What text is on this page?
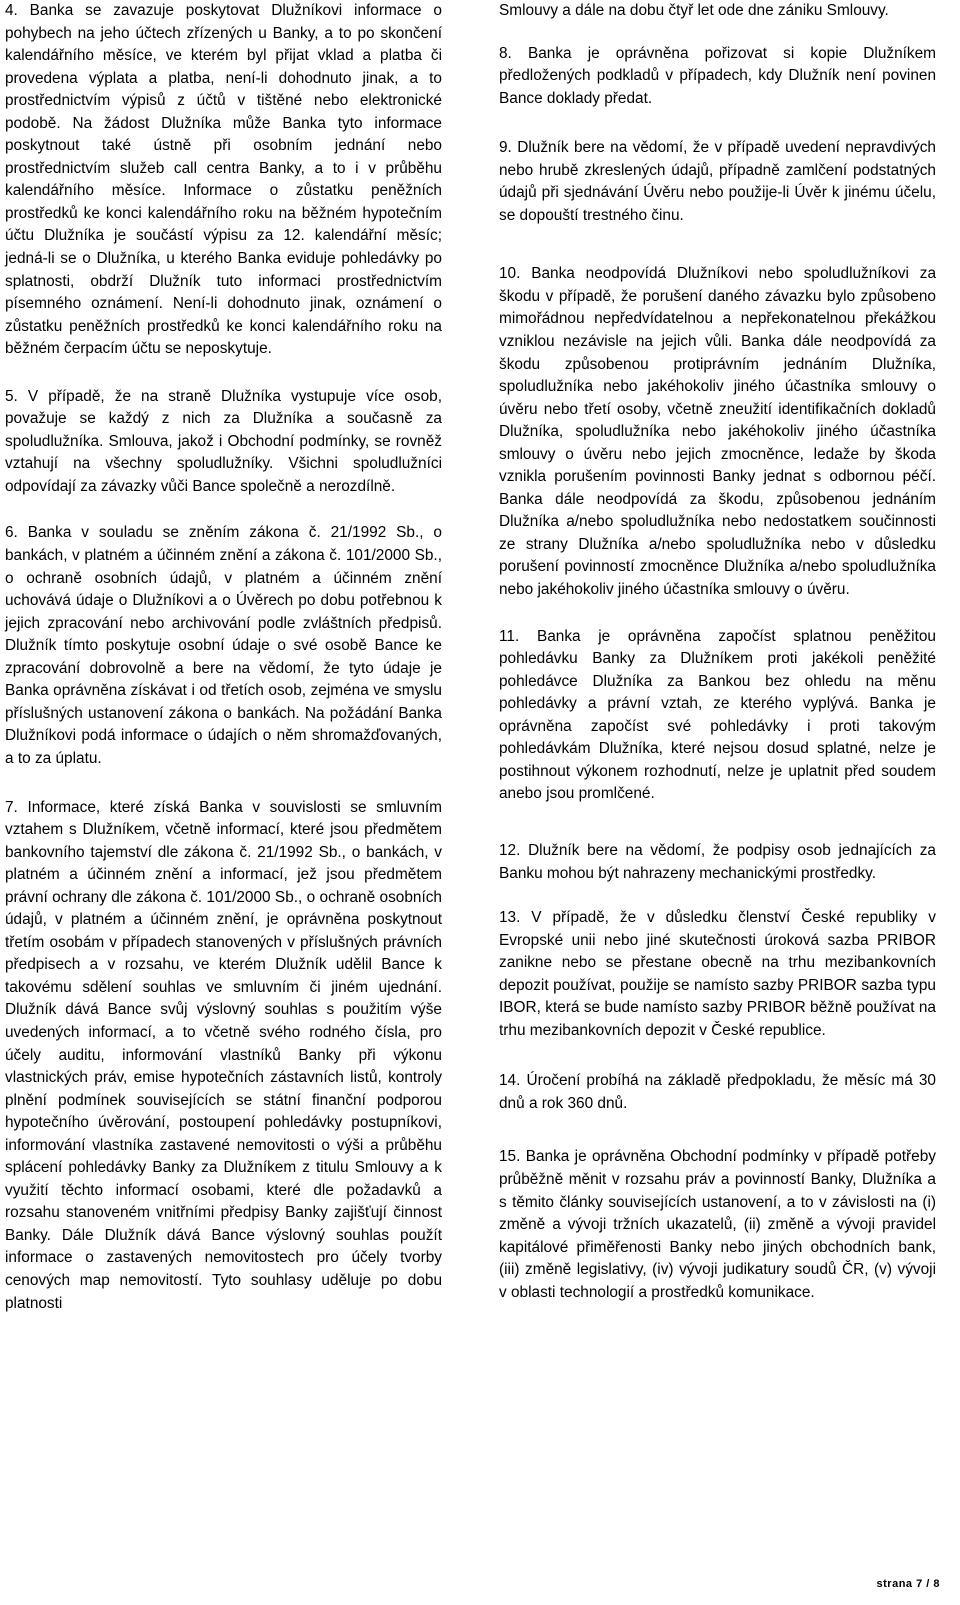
4. Banka se zavazuje poskytovat Dlužníkovi informace o pohybech na jeho účtech zřízených u Banky, a to po skončení kalendářního měsíce, ve kterém byl přijat vklad a platba či provedena výplata a platba, není-li dohodnuto jinak, a to prostřednictvím výpisů z účtů v tištěné nebo elektronické podobě. Na žádost Dlužníka může Banka tyto informace poskytnout také ústně při osobním jednání nebo prostřednictvím služeb call centra Banky, a to i v průběhu kalendářního měsíce. Informace o zůstatku peněžních prostředků ke konci kalendářního roku na běžném hypotečním účtu Dlužníka je součástí výpisu za 12. kalendářní měsíc; jedná-li se o Dlužníka, u kterého Banka eviduje pohledávky po splatnosti, obdrží Dlužník tuto informaci prostřednictvím písemného oznámení. Není-li dohodnuto jinak, oznámení o zůstatku peněžních prostředků ke konci kalendářního roku na běžném čerpacím účtu se neposkytuje.

5. V případě, že na straně Dlužníka vystupuje více osob, považuje se každý z nich za Dlužníka a současně za spoludlužníka. Smlouva, jakož i Obchodní podmínky, se rovněž vztahují na všechny spoludlužníky. Všichni spoludlužníci odpovídají za závazky vůči Bance společně a nerozdílně.

6. Banka v souladu se zněním zákona č. 21/1992 Sb., o bankách, v platném a účinném znění a zákona č. 101/2000 Sb., o ochraně osobních údajů, v platném a účinném znění uchovává údaje o Dlužníkovi a o Úvěrech po dobu potřebnou k jejich zpracování nebo archivování podle zvláštních předpisů. Dlužník tímto poskytuje osobní údaje o své osobě Bance ke zpracování dobrovolně a bere na vědomí, že tyto údaje je Banka oprávněna získávat i od třetích osob, zejména ve smyslu příslušných ustanovení zákona o bankách. Na požádání Banka Dlužníkovi podá informace o údajích o něm shromažďovaných, a to za úplatu.

7. Informace, které získá Banka v souvislosti se smluvním vztahem s Dlužníkem, včetně informací, které jsou předmětem bankovního tajemství dle zákona č. 21/1992 Sb., o bankách, v platném a účinném znění a informací, jež jsou předmětem právní ochrany dle zákona č. 101/2000 Sb., o ochraně osobních údajů, v platném a účinném znění, je oprávněna poskytnout třetím osobám v případech stanovených v příslušných právních předpisech a v rozsahu, ve kterém Dlužník udělil Bance k takovému sdělení souhlas ve smluvním či jiném ujednání. Dlužník dává Bance svůj výslovný souhlas s použitím výše uvedených informací, a to včetně svého rodného čísla, pro účely auditu, informování vlastníků Banky při výkonu vlastnických práv, emise hypotečních zástavních listů, kontroly plnění podmínek souvisejících se státní finanční podporou hypotečního úvěrování, postoupení pohledávky postupníkovi, informování vlastníka zastavené nemovitosti o výši a průběhu splácení pohledávky Banky za Dlužníkem z titulu Smlouvy a k využití těchto informací osobami, které dle požadavků a rozsahu stanoveném vnitřními předpisy Banky zajišťují činnost Banky. Dále Dlužník dává Bance výslovný souhlas použít informace o zastavených nemovitostech pro účely tvorby cenových map nemovitostí. Tyto souhlasy uděluje po dobu platnosti

Smlouvy a dále na dobu čtyř let ode dne zániku Smlouvy.

8. Banka je oprávněna pořizovat si kopie Dlužníkem předložených podkladů v případech, kdy Dlužník není povinen Bance doklady předat.

9. Dlužník bere na vědomí, že v případě uvedení nepravdivých nebo hrubě zkreslených údajů, případně zamlčení podstatných údajů při sjednávání Úvěru nebo použije-li Úvěr k jinému účelu, se dopouští trestného činu.

10. Banka neodpovídá Dlužníkovi nebo spoludlužníkovi za škodu v případě, že porušení daného závazku bylo způsobeno mimořádnou nepředvídatelnou a nepřekonatelnou překážkou vzniklou nezávisle na jejich vůli. Banka dále neodpovídá za škodu způsobenou protiprávním jednáním Dlužníka, spoludlužníka nebo jakéhokoliv jiného účastníka smlouvy o úvěru nebo třetí osoby, včetně zneužití identifikačních dokladů Dlužníka, spoludlužníka nebo jakéhokoliv jiného účastníka smlouvy o úvěru nebo jejich zmocněnce, ledaže by škoda vznikla porušením povinnosti Banky jednat s odbornou péčí. Banka dále neodpovídá za škodu, způsobenou jednáním Dlužníka a/nebo spoludlužníka nebo nedostatkem součinnosti ze strany Dlužníka a/nebo spoludlužníka nebo v důsledku porušení povinností zmocněnce Dlužníka a/nebo spoludlužníka nebo jakéhokoliv jiného účastníka smlouvy o úvěru.

11. Banka je oprávněna započíst splatnou peněžitou pohledávku Banky za Dlužníkem proti jakékoli peněžité pohledávce Dlužníka za Bankou bez ohledu na měnu pohledávky a právní vztah, ze kterého vyplývá. Banka je oprávněna započíst své pohledávky i proti takovým pohledávkám Dlužníka, které nejsou dosud splatné, nelze je postihnout výkonem rozhodnutí, nelze je uplatnit před soudem anebo jsou promlčené.

12. Dlužník bere na vědomí, že podpisy osob jednajících za Banku mohou být nahrazeny mechanickými prostředky.

13. V případě, že v důsledku členství České republiky v Evropské unii nebo jiné skutečnosti úroková sazba PRIBOR zanikne nebo se přestane obecně na trhu mezibankovních depozit používat, použije se namísto sazby PRIBOR sazba typu IBOR, která se bude namísto sazby PRIBOR běžně používat na trhu mezibankovních depozit v České republice.

14. Úročení probíhá na základě předpokladu, že měsíc má 30 dnů a rok 360 dnů.

15. Banka je oprávněna Obchodní podmínky v případě potřeby průběžně měnit v rozsahu práv a povinností Banky, Dlužníka a s těmito články souvisejících ustanovení, a to v závislosti na (i) změně a vývoji tržních ukazatelů, (ii) změně a vývoji pravidel kapitálové přiměřenosti Banky nebo jiných obchodních bank, (iii) změně legislativy, (iv) vývoji judikatury soudů ČR, (v) vývoji v oblasti technologií a prostředků komunikace.

strana 7 / 8
